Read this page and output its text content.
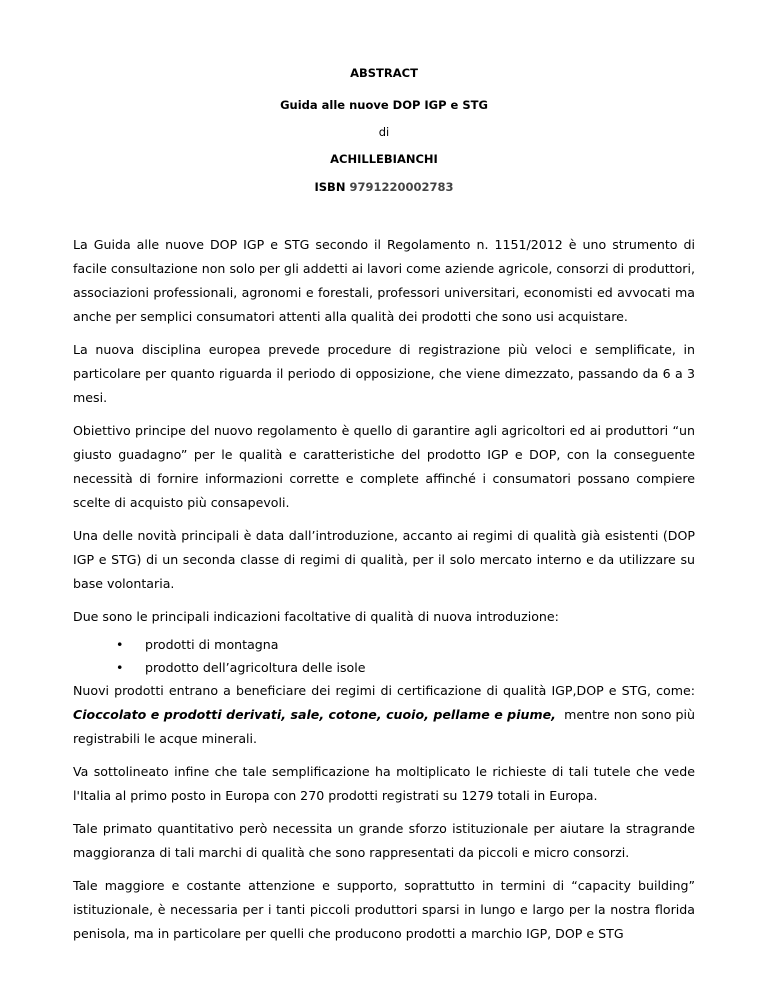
ABSTRACT

Guida alle nuove DOP IGP e STG

di

ACHILLEBIANCHI

ISBN 9791220002783

La Guida alle nuove DOP IGP e STG secondo il Regolamento n. 1151/2012 è uno strumento di facile consultazione non solo per gli addetti ai lavori come aziende agricole, consorzi di produttori, associazioni professionali, agronomi e forestali, professori universitari, economisti ed avvocati ma anche per semplici consumatori attenti alla qualità dei prodotti che sono usi acquistare.

La nuova disciplina europea prevede procedure di registrazione più veloci e semplificate, in particolare per quanto riguarda il periodo di opposizione, che viene dimezzato, passando da 6 a 3 mesi.

Obiettivo principe del nuovo regolamento è quello di garantire agli agricoltori ed ai produttori “un giusto guadagno” per le qualità e caratteristiche del prodotto IGP e DOP, con la conseguente necessità di fornire informazioni corrette e complete affinché i consumatori possano compiere scelte di acquisto più consapevoli.

Una delle novità principali è data dall’introduzione, accanto ai regimi di qualità già esistenti (DOP IGP e STG) di un seconda classe di regimi di qualità, per il solo mercato interno e da utilizzare su base volontaria.

Due sono le principali indicazioni facoltative di qualità di nuova introduzione:

• prodotti di montagna
• prodotto dell’agricoltura delle isole

Nuovi prodotti entrano a beneficiare dei regimi di certificazione di qualità IGP,DOP e STG, come: Cioccolato e prodotti derivati, sale, cotone, cuoio, pellame e piume,  mentre non sono più registrabili le acque minerali.

Va sottolineato infine che tale semplificazione ha moltiplicato le richieste di tali tutele che vede l'Italia al primo posto in Europa con 270 prodotti registrati su 1279 totali in Europa.

Tale primato quantitativo però necessita un grande sforzo istituzionale per aiutare la stragrande maggioranza di tali marchi di qualità che sono rappresentati da piccoli e micro consorzi.

Tale maggiore e costante attenzione e supporto, soprattutto in termini di “capacity building” istituzionale, è necessaria per i tanti piccoli produttori sparsi in lungo e largo per la nostra florida penisola, ma in particolare per quelli che producono prodotti a marchio IGP, DOP e STG
